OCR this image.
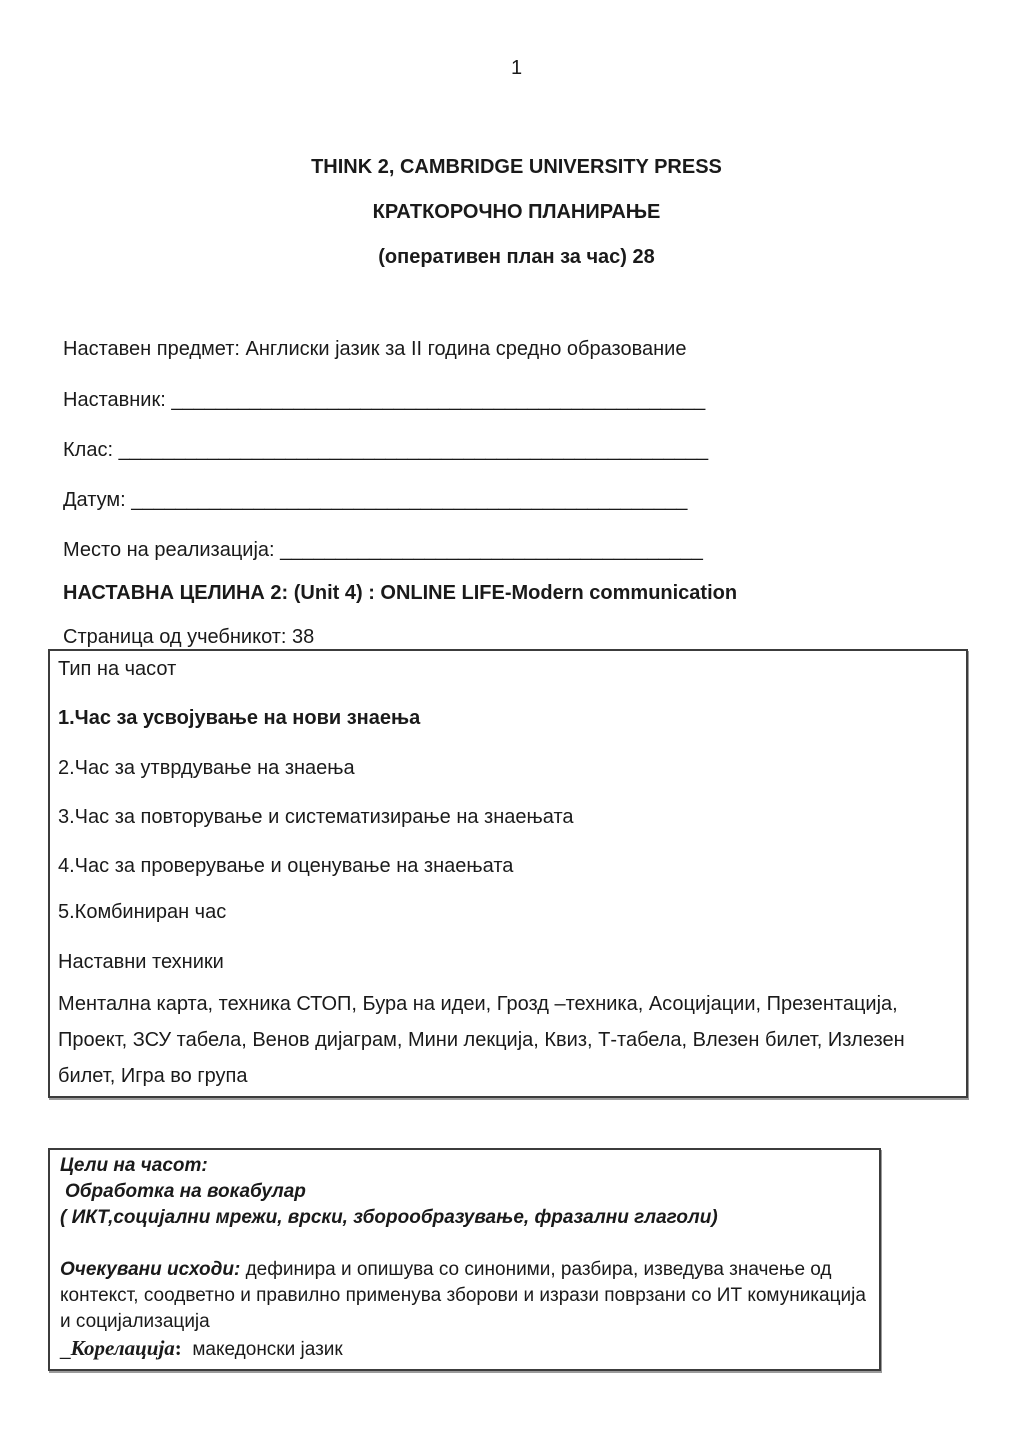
1

THINK 2, CAMBRIDGE UNIVERSITY PRESS

КРАТКОРОЧНО ПЛАНИРАЊЕ

(оперативен план за час) 28

Наставен предмет: Англиски јазик за II година средно образование

Наставник: ________________________________________________

Клас: _____________________________________________________

Датум: __________________________________________________

Место на реализација: ______________________________________

НАСТАВНА ЦЕЛИНА 2: (Unit 4) : ONLINE LIFE-Modern communication

Страница од учебникот: 38

Тип на часот

1.Час за усвојување на нови знаења

2.Час за утврдување на знаења

3.Час за повторување и систематизирање на знаењата

4.Час за проверување и оценување на знаењата

5.Комбиниран час

Наставни техники

Ментална карта, техника СТОП, Бура на идеи, Грозд –техника, Асоцијации, Презентација, Проект, ЗСУ табела, Венов дијаграм, Мини лекција, Квиз, Т-табела, Влезен билет, Излезен билет, Игра во група

Цели на часот:

Обработка на вокабулар

( ИКТ,социјални мрежи, врски, зборообразување, фразални глаголи)

Очекувани исходи: дефинира и опишува со синоними, разбира, изведува значење од контекст, соодветно и правилно применува зборови и изрази поврзани со ИТ комуникација и социјализација

_Корелација: македонски јазик
